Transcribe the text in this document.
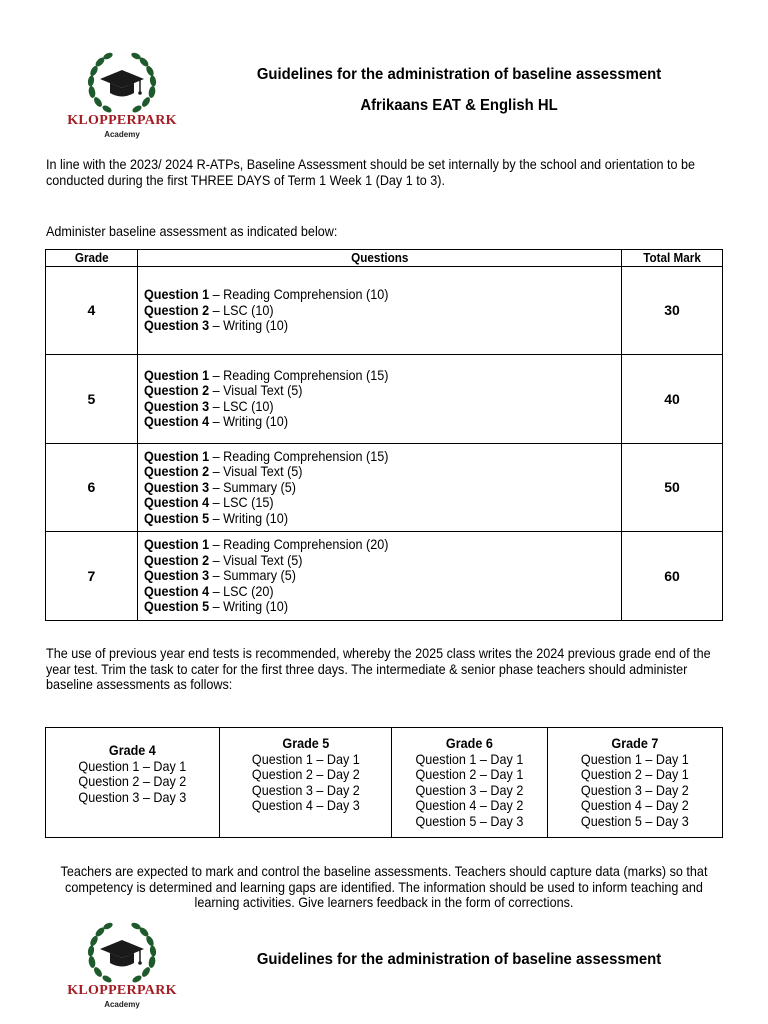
KLOPPERPARK
Academy
Guidelines for the administration of baseline assessment
Afrikaans EAT & English HL
In line with the 2023/ 2024 R-ATPs, Baseline Assessment should be set internally by the school and orientation to be
conducted during the first THREE DAYS of Term 1 Week 1 (Day 1 to 3).
Administer baseline assessment as indicated below:
Grade	Questions	Total Mark
4	Question 1 – Reading Comprehension (10)
Question 2 – LSC (10)
Question 3 – Writing (10)	30
5	Question 1 – Reading Comprehension (15)
Question 2 – Visual Text (5)
Question 3 – LSC (10)
Question 4 – Writing (10)	40
6	Question 1 – Reading Comprehension (15)
Question 2 – Visual Text (5)
Question 3 – Summary (5)
Question 4 – LSC (15)
Question 5 – Writing (10)	50
7	Question 1 – Reading Comprehension (20)
Question 2 – Visual Text (5)
Question 3 – Summary (5)
Question 4 – LSC (20)
Question 5 – Writing (10)	60
The use of previous year end tests is recommended, whereby the 2025 class writes the 2024 previous grade end of the
year test. Trim the task to cater for the first three days. The intermediate & senior phase teachers should administer
baseline assessments as follows:
Grade 4
Question 1 – Day 1
Question 2 – Day 2
Question 3 – Day 3

Grade 5
Question 1 – Day 1
Question 2 – Day 2
Question 3 – Day 2
Question 4 – Day 3

Grade 6
Question 1 – Day 1
Question 2 – Day 1
Question 3 – Day 2
Question 4 – Day 2
Question 5 – Day 3

Grade 7
Question 1 – Day 1
Question 2 – Day 1
Question 3 – Day 2
Question 4 – Day 2
Question 5 – Day 3
Teachers are expected to mark and control the baseline assessments. Teachers should capture data (marks) so that
competency is determined and learning gaps are identified. The information should be used to inform teaching and
learning activities. Give learners feedback in the form of corrections.
KLOPPERPARK
Academy
Guidelines for the administration of baseline assessment
